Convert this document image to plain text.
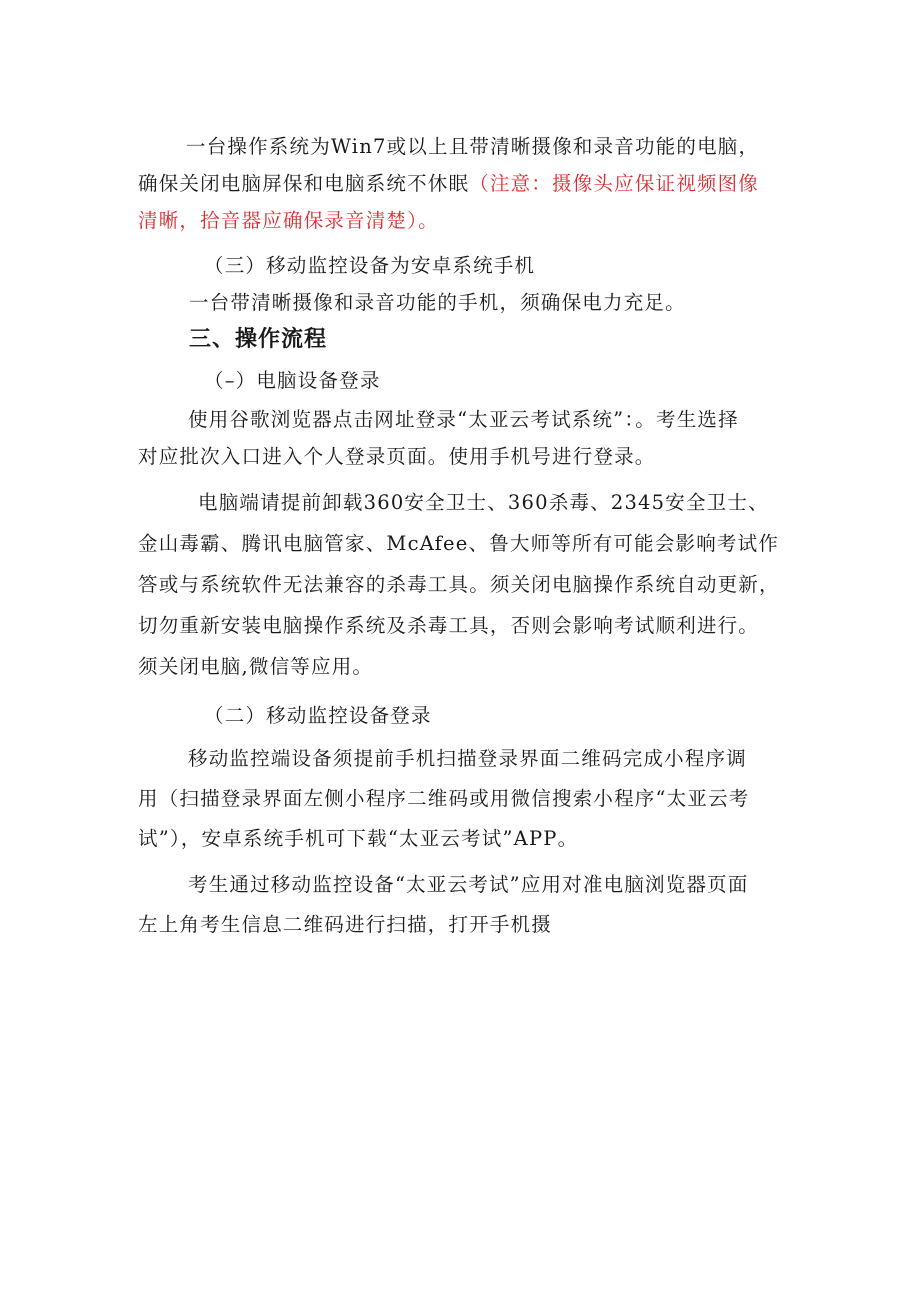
一台操作系统为Win7或以上且带清晰摄像和录音功能的电脑，
确保关闭电脑屏保和电脑系统不休眠（注意：摄像头应保证视频图像
清晰，拾音器应确保录音清楚）。

（三）移动监控设备为安卓系统手机

一台带清晰摄像和录音功能的手机，须确保电力充足。

三、操作流程

（–）电脑设备登录

使用谷歌浏览器点击网址登录“太亚云考试系统”：。考生选择
对应批次入口进入个人登录页面。使用手机号进行登录。
电脑端请提前卸载360安全卫士、360杀毒、2345安全卫士、
金山毒霸、腾讯电脑管家、McAfee、鲁大师等所有可能会影响考试作
答或与系统软件无法兼容的杀毒工具。须关闭电脑操作系统自动更新，
切勿重新安装电脑操作系统及杀毒工具，否则会影响考试顺利进行。
须关闭电脑,微信等应用。

（二）移动监控设备登录

移动监控端设备须提前手机扫描登录界面二维码完成小程序调
用（扫描登录界面左侧小程序二维码或用微信搜索小程序“太亚云考
试”），安卓系统手机可下载“太亚云考试”APP。
考生通过移动监控设备“太亚云考试”应用对准电脑浏览器页面
左上角考生信息二维码进行扫描，打开手机摄
